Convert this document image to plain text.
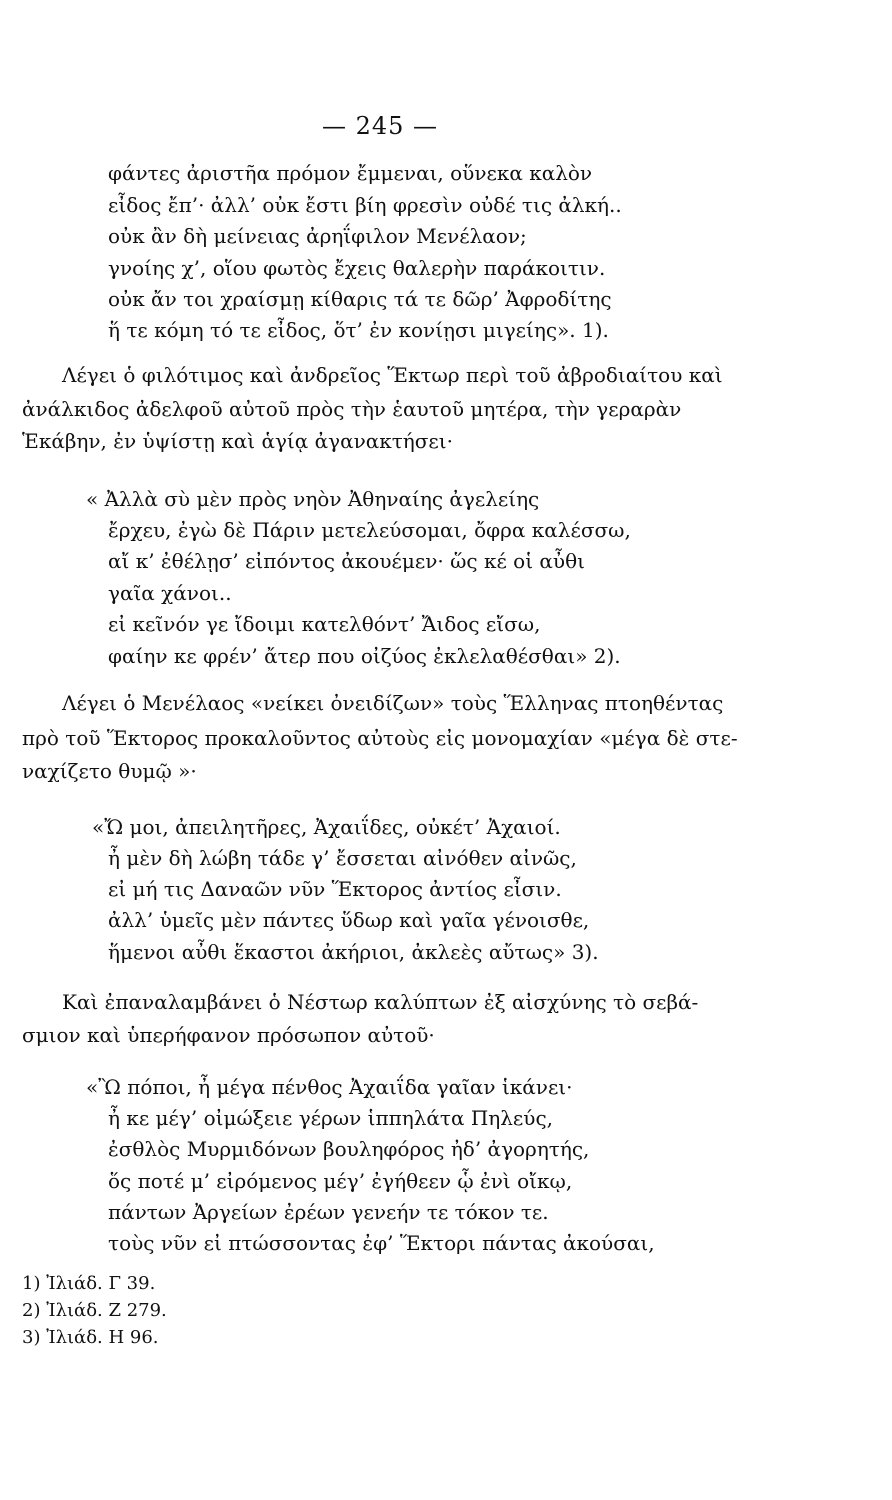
— 245 —
φάντες ἀριστῆα πρόμον ἔμμεναι, οὕνεκα καλὸν
εἶδος ἔπ’· ἀλλ’ οὐκ ἔστι βίη φρεσὶν οὐδέ τις ἀλκή..
οὐκ ἂν δὴ μείνειας ἀρηΐφιλον Μενέλαον;
γνοίης χ’, οἵου φωτὸς ἔχεις θαλερὴν παράκοιτιν.
οὐκ ἄν τοι χραίσμῃ κίθαρις τά τε δῶρ’ Ἀφροδίτης
ἥ τε κόμη τό τε εἶδος, ὅτ’ ἐν κονίῃσι μιγείης». 1).
Λέγει ὁ φιλότιμος καὶ ἀνδρεῖος Ἕκτωρ περὶ τοῦ ἀβροδιαίτου καὶ
ἀνάλκιδος ἀδελφοῦ αὐτοῦ πρὸς τὴν ἑαυτοῦ μητέρα, τὴν γεραρὰν
Ἑκάβην, ἐν ὑψίστῃ καὶ ἁγίᾳ ἀγανακτήσει·
« Ἀλλὰ σὺ μὲν πρὸς νηὸν Ἀθηναίης ἀγελείης
ἔρχευ, ἐγὼ δὲ Πάριν μετελεύσομαι, ὄφρα καλέσσω,
αἴ κ’ ἐθέλῃσ’ εἰπόντος ἀκουέμεν· ὥς κέ οἱ αὖθι
γαῖα χάνοι..
εἰ κεῖνόν γε ἴδοιμι κατελθόντ’ Ἄιδος εἴσω,
φαίην κε φρέν’ ἄτερ που οἰζύος ἐκλελαθέσθαι» 2).
Λέγει ὁ Μενέλαος «νείκει ὀνειδίζων» τοὺς Ἕλληνας πτοηθέντας
πρὸ τοῦ Ἕκτορος προκαλοῦντος αὐτοὺς εἰς μονομαχίαν «μέγα δὲ στε-
ναχίζετο θυμῷ »·
«Ὤ μοι, ἀπειλητῆρες, Ἀχαιΐδες, οὐκέτ’ Ἀχαιοί.
ἦ μὲν δὴ λώβη τάδε γ’ ἔσσεται αἰνόθεν αἰνῶς,
εἰ μή τις Δαναῶν νῦν Ἕκτορος ἀντίος εἶσιν.
ἀλλ’ ὑμεῖς μὲν πάντες ὕδωρ καὶ γαῖα γένοισθε,
ἥμενοι αὖθι ἕκαστοι ἀκήριοι, ἀκλεὲς αὔτως» 3).
Καὶ ἐπαναλαμβάνει ὁ Νέστωρ καλύπτων ἐξ αἰσχύνης τὸ σεβά-
σμιον καὶ ὑπερήφανον πρόσωπον αὐτοῦ·
«Ὢ πόποι, ἦ μέγα πένθος Ἀχαιΐδα γαῖαν ἱκάνει·
ἦ κε μέγ’ οἰμώξειε γέρων ἱππηλάτα Πηλεύς,
ἐσθλὸς Μυρμιδόνων βουληφόρος ἠδ’ ἀγορητής,
ὅς ποτέ μ’ εἰρόμενος μέγ’ ἐγήθεεν ᾧ ἐνὶ οἴκῳ,
πάντων Ἀργείων ἐρέων γενεήν τε τόκον τε.
τοὺς νῦν εἰ πτώσσοντας ἐφ’ Ἕκτορι πάντας ἀκούσαι,
1) Ἰλιάδ. Γ 39.
2) Ἰλιάδ. Ζ 279.
3) Ἰλιάδ. Η 96.
